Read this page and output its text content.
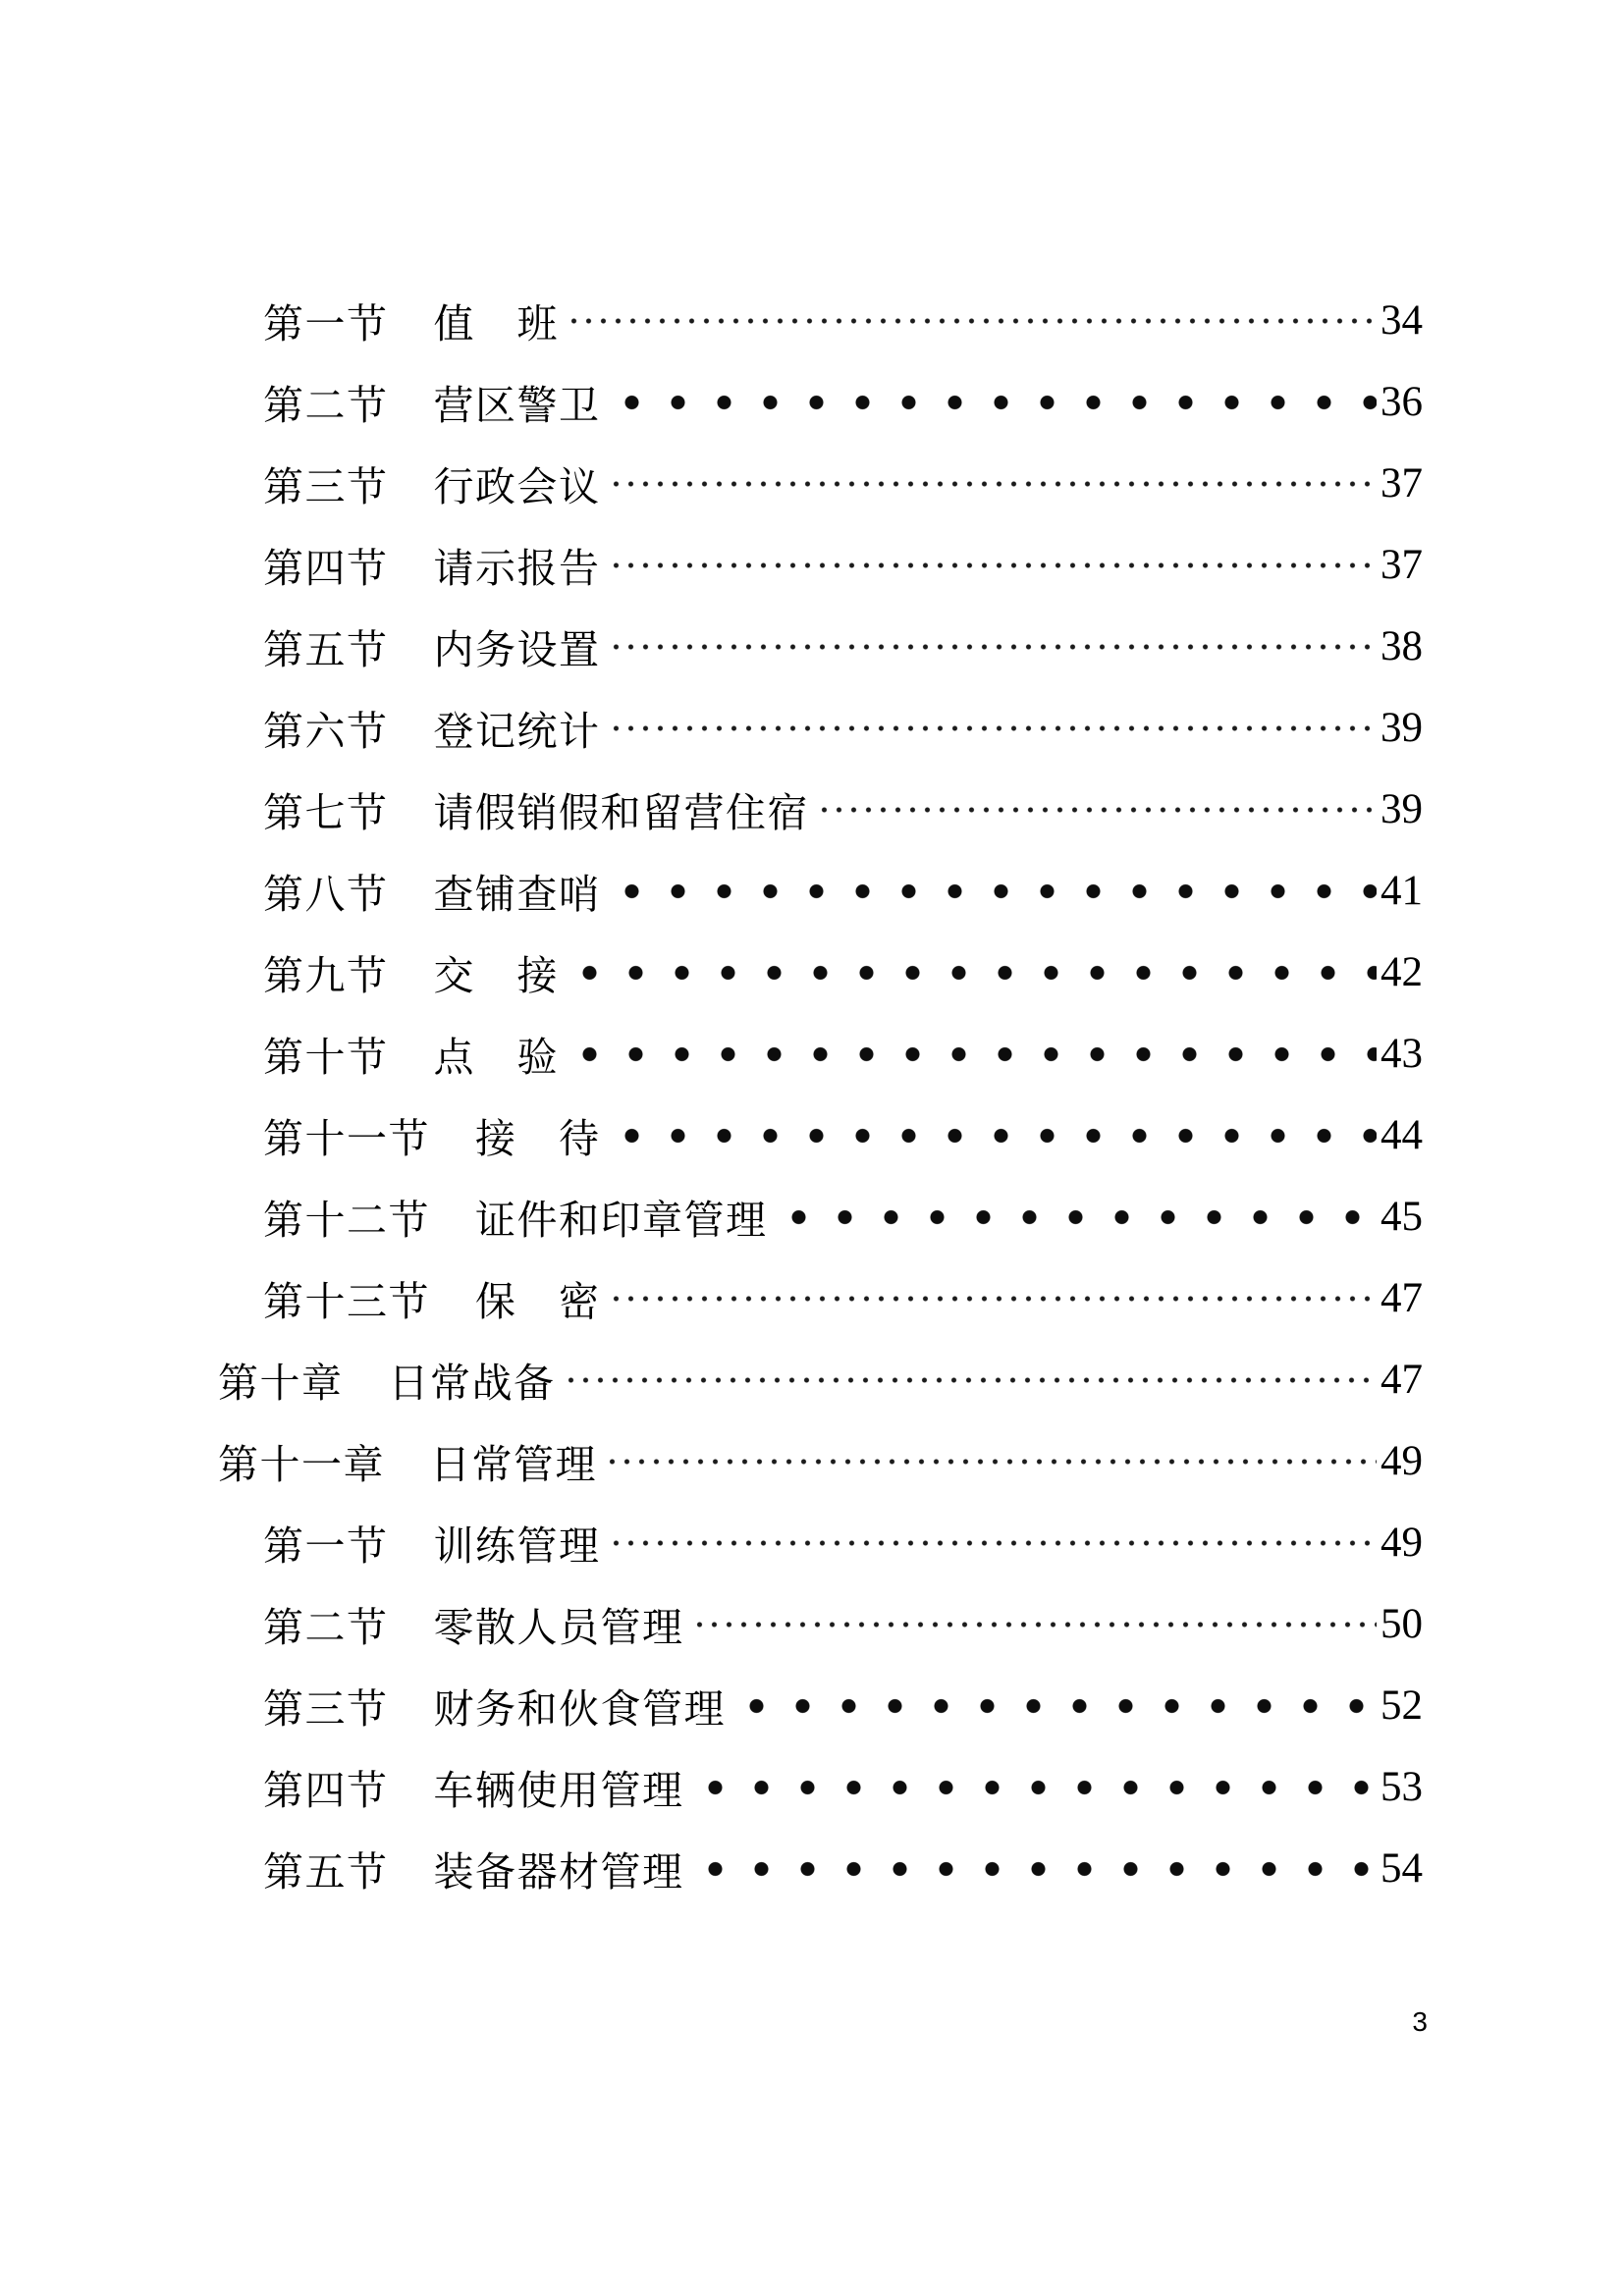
第一节 值　班	34
第二节 营区警卫	36
第三节 行政会议	37
第四节 请示报告	37
第五节 内务设置	38
第六节 登记统计	39
第七节 请假销假和留营住宿	39
第八节 查铺查哨	41
第九节 交　接	42
第十节 点　验	43
第十一节 接　待	44
第十二节 证件和印章管理	45
第十三节 保　密	47
第十章 日常战备	47
第十一章 日常管理	49
第一节 训练管理	49
第二节 零散人员管理	50
第三节 财务和伙食管理	52
第四节 车辆使用管理	53
第五节 装备器材管理	54
3
